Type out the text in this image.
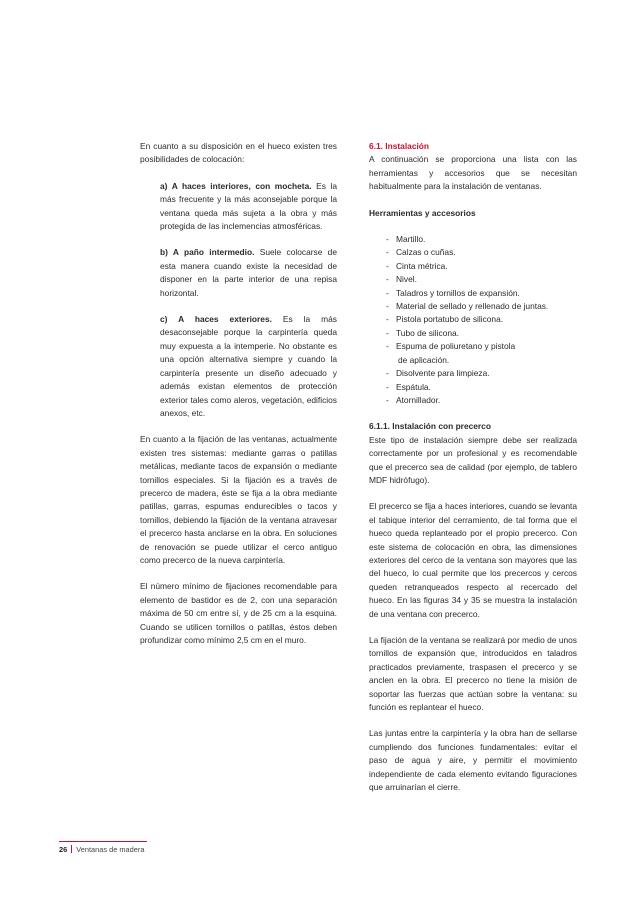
En cuanto a su disposición en el hueco existen tres posibilidades de colocación:

a) A haces interiores, con mocheta. Es la más frecuente y la más aconsejable porque la ventana queda más sujeta a la obra y más protegida de las inclemencias atmosféricas.

b) A paño intermedio. Suele colocarse de esta manera cuando existe la necesidad de disponer en la parte interior de una repisa horizontal.

c) A haces exteriores. Es la más desaconsejable porque la carpintería queda muy expuesta a la intemperie. No obstante es una opción alternativa siempre y cuando la carpintería presente un diseño adecuado y además existan elementos de protección exterior tales como aleros, vegetación, edificios anexos, etc.

En cuanto a la fijación de las ventanas, actualmente existen tres sistemas: mediante garras o patillas metálicas, mediante tacos de expansión o mediante tornillos especiales. Si la fijación es a través de precerco de madera, éste se fija a la obra mediante patillas, garras, espumas endurecibles o tacos y tornillos, debiendo la fijación de la ventana atravesar el precerco hasta anclarse en la obra. En soluciones de renovación se puede utilizar el cerco antiguo como precerco de la nueva carpintería.

El número mínimo de fijaciones recomendable para elemento de bastidor es de 2, con una separación máxima de 50 cm entre sí, y de 25 cm a la esquina. Cuando se utilicen tornillos o patillas, éstos deben profundizar como mínimo 2,5 cm en el muro.

6.1. Instalación

A continuación se proporciona una lista con las herramientas y accesorios que se necesitan habitualmente para la instalación de ventanas.

Herramientas y accesorios

- Martillo.
- Calzas o cuñas.
- Cinta métrica.
- Nivel.
- Taladros y tornillos de expansión.
- Material de sellado y rellenado de juntas.
- Pistola portatubo de silicona.
- Tubo de silicona.
- Espuma de poliuretano y pistola
de aplicación.
- Disolvente para limpieza.
- Espátula.
- Atornillador.

6.1.1. Instalación con precerco

Este tipo de instalación siempre debe ser realizada correctamente por un profesional y es recomendable que el precerco sea de calidad (por ejemplo, de tablero MDF hidrófugo).

El precerco se fija a haces interiores, cuando se levanta el tabique interior del cerramiento, de tal forma que el hueco queda replanteado por el propio precerco. Con este sistema de colocación en obra, las dimensiones exteriores del cerco de la ventana son mayores que las del hueco, lo cual permite que los precercos y cercos queden retranqueados respecto al recercado del hueco. En las figuras 34 y 35 se muestra la instalación de una ventana con precerco.

La fijación de la ventana se realizará por medio de unos tornillos de expansión que, introducidos en taladros practicados previamente, traspasen el precerco y se anclen en la obra. El precerco no tiene la misión de soportar las fuerzas que actúan sobre la ventana: su función es replantear el hueco.

Las juntas entre la carpintería y la obra han de sellarse cumpliendo dos funciones fundamentales: evitar el paso de agua y aire, y permitir el movimiento independiente de cada elemento evitando figuraciones que arruinarían el cierre.

26 Ventanas de madera
